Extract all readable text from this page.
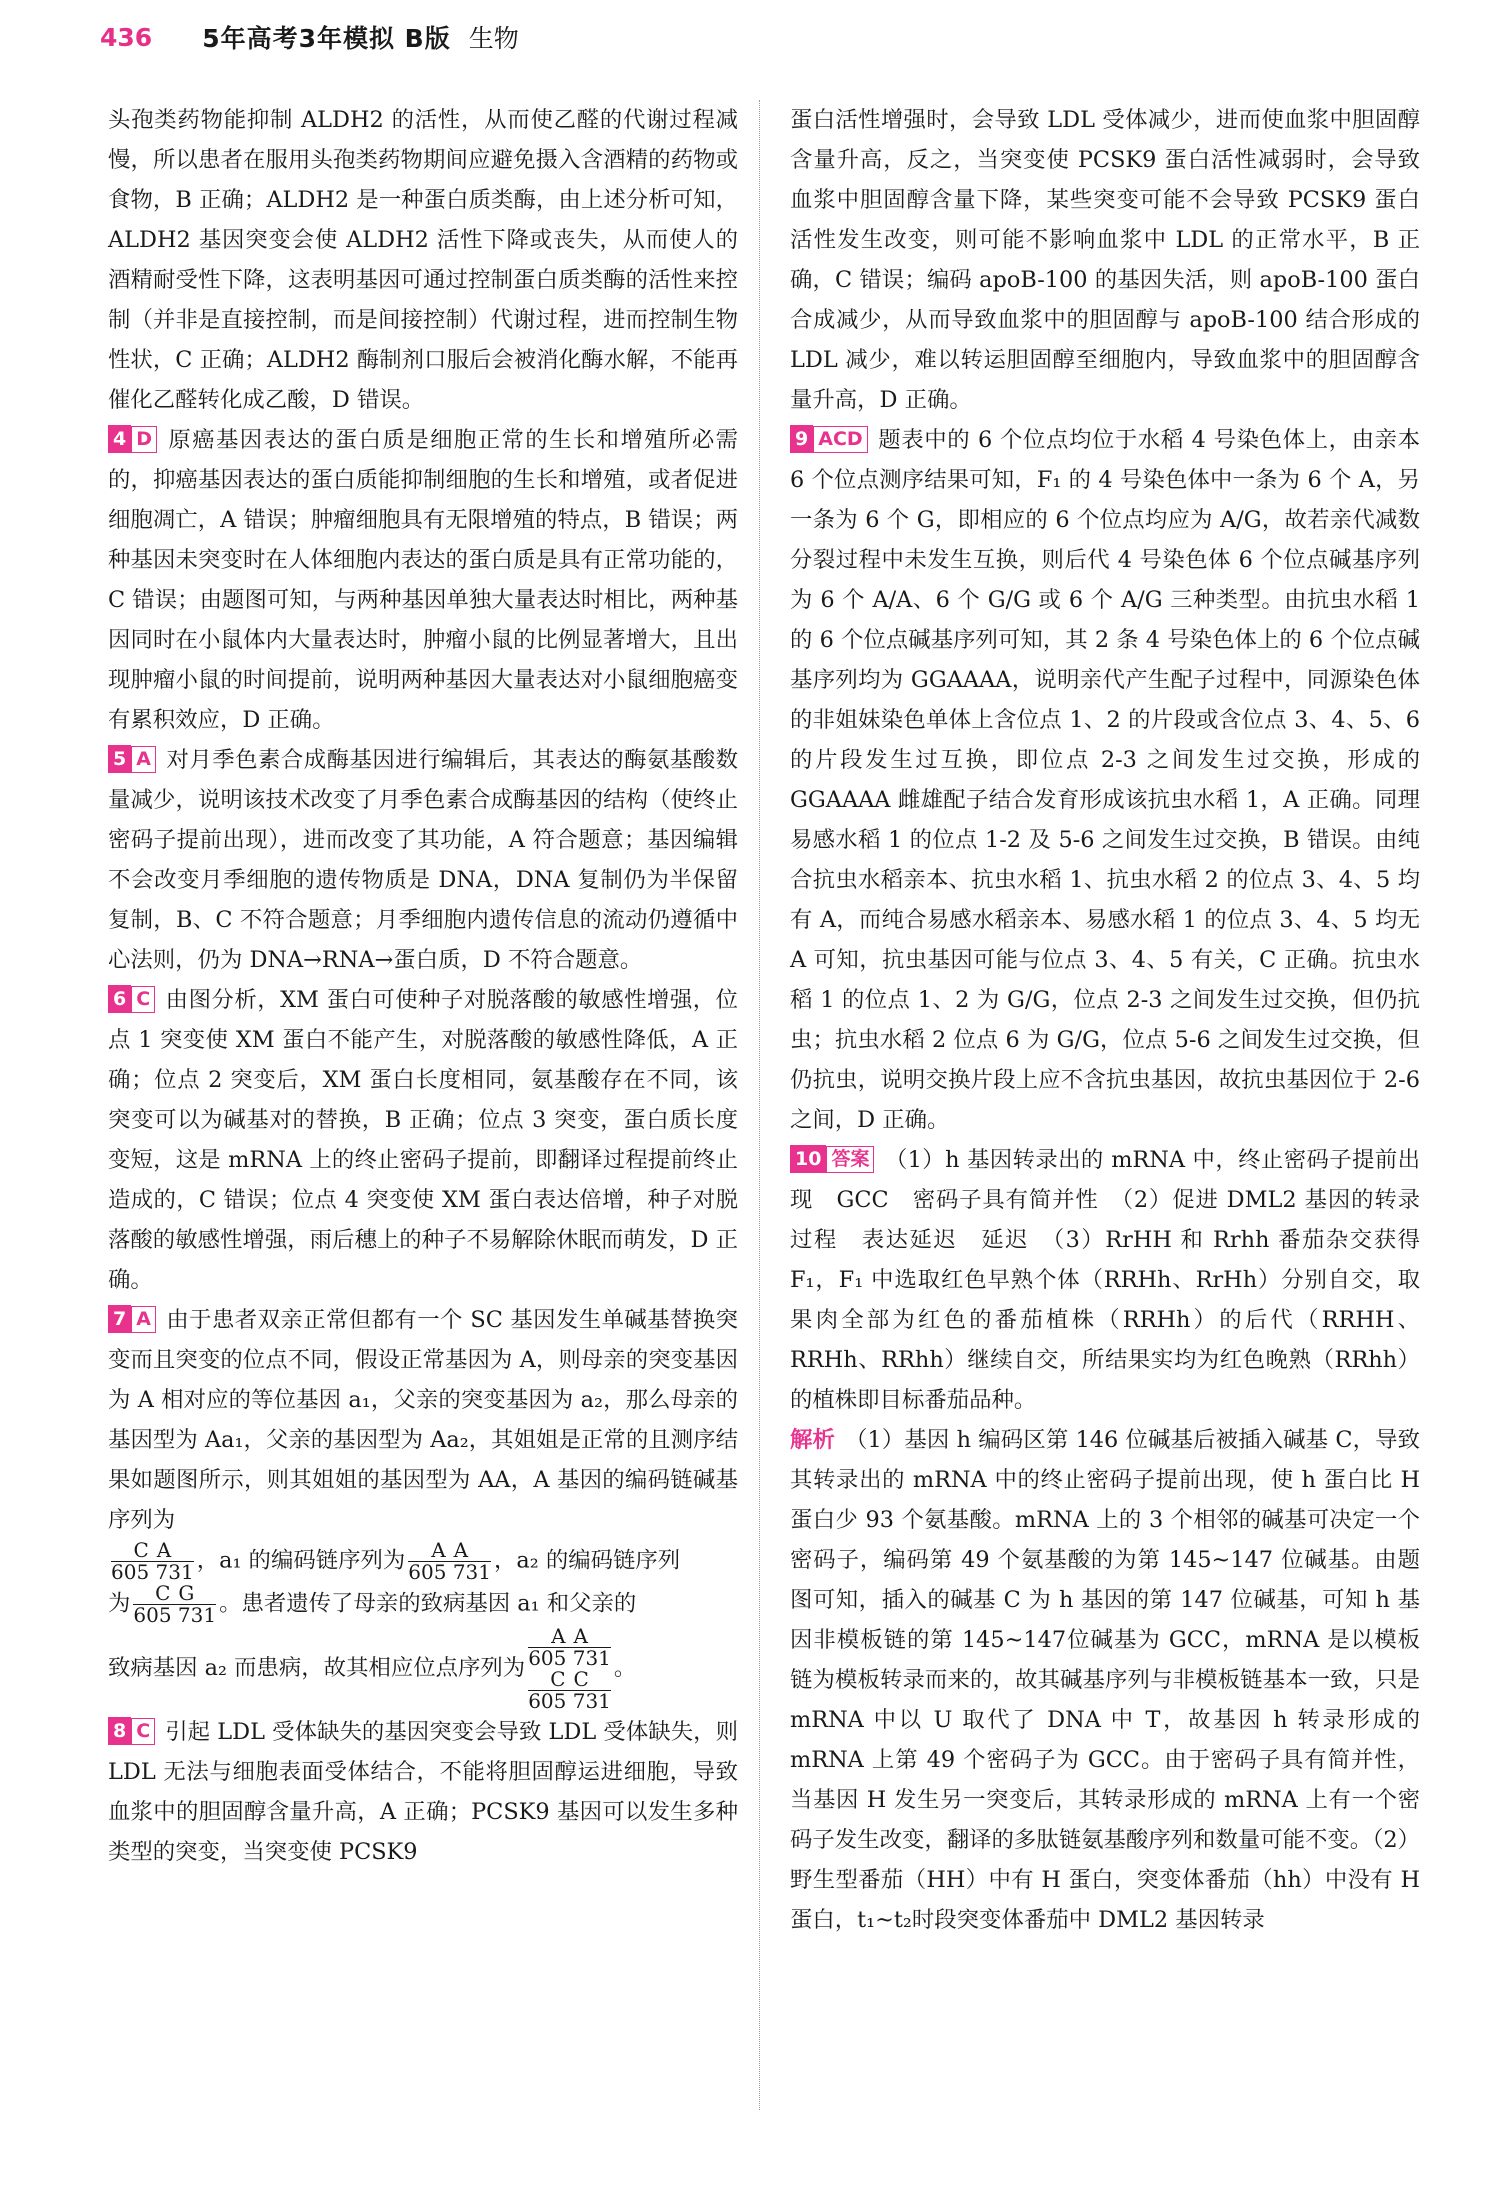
436 5年高考3年模拟 B版 生物

头孢类药物能抑制 ALDH2 的活性，从而使乙醛的代谢过程减慢，所以患者在服用头孢类药物期间应避免摄入含酒精的药物或食物，B 正确；ALDH2 是一种蛋白质类酶，由上述分析可知，ALDH2 基因突变会使 ALDH2 活性下降或丧失，从而使人的酒精耐受性下降，这表明基因可通过控制蛋白质类酶的活性来控制（并非是直接控制，而是间接控制）代谢过程，进而控制生物性状，C 正确；ALDH2 酶制剂口服后会被消化酶水解，不能再催化乙醛转化成乙酸，D 错误。

4 D 原癌基因表达的蛋白质是细胞正常的生长和增殖所必需的，抑癌基因表达的蛋白质能抑制细胞的生长和增殖，或者促进细胞凋亡，A 错误；肿瘤细胞具有无限增殖的特点，B 错误；两种基因未突变时在人体细胞内表达的蛋白质是具有正常功能的，C 错误；由题图可知，与两种基因单独大量表达时相比，两种基因同时在小鼠体内大量表达时，肿瘤小鼠的比例显著增大，且出现肿瘤小鼠的时间提前，说明两种基因大量表达对小鼠细胞癌变有累积效应，D 正确。

5 A 对月季色素合成酶基因进行编辑后，其表达的酶氨基酸数量减少，说明该技术改变了月季色素合成酶基因的结构（使终止密码子提前出现），进而改变了其功能，A 符合题意；基因编辑不会改变月季细胞的遗传物质是 DNA，DNA 复制仍为半保留复制，B、C 不符合题意；月季细胞内遗传信息的流动仍遵循中心法则，仍为 DNA→RNA→蛋白质，D 不符合题意。

6 C 由图分析，XM 蛋白可使种子对脱落酸的敏感性增强，位点 1 突变使 XM 蛋白不能产生，对脱落酸的敏感性降低，A 正确；位点 2 突变后，XM 蛋白长度相同，氨基酸存在不同，该突变可以为碱基对的替换，B 正确；位点 3 突变，蛋白质长度变短，这是 mRNA 上的终止密码子提前，即翻译过程提前终止造成的，C 错误；位点 4 突变使 XM 蛋白表达倍增，种子对脱落酸的敏感性增强，雨后穗上的种子不易解除休眠而萌发，D 正确。

7 A 由于患者双亲正常但都有一个 SC 基因发生单碱基替换突变而且突变的位点不同，假设正常基因为 A，则母亲的突变基因为 A 相对应的等位基因 a₁，父亲的突变基因为 a₂，那么母亲的基因型为 Aa₁，父亲的基因型为 Aa₂，其姐姐是正常的且测序结果如题图所示，则其姐姐的基因型为 AA，A 基因的编码链碱基序列为

$\frac{CA}{605 731}$ ，a₁ 的编码链序列为 $\frac{AA}{605 731}$ ，a₂ 的编码链序列
为 $\frac{CG}{605 731}$ 。患者遗传了母亲的致病基因 a₁ 和父亲的
致病基因 a₂ 而患病，故其相应位点序列为
AA
605 731
CC
605 731
。

8 C 引起 LDL 受体缺失的基因突变会导致 LDL 受体缺失，则 LDL 无法与细胞表面受体结合，不能将胆固醇运进细胞，导致血浆中的胆固醇含量升高，A 正确；PCSK9 基因可以发生多种类型的突变，当突变使 PCSK9

蛋白活性增强时，会导致 LDL 受体减少，进而使血浆中胆固醇含量升高，反之，当突变使 PCSK9 蛋白活性减弱时，会导致血浆中胆固醇含量下降，某些突变可能不会导致 PCSK9 蛋白活性发生改变，则可能不影响血浆中 LDL 的正常水平，B 正确，C 错误；编码 apoB-100 的基因失活，则 apoB-100 蛋白合成减少，从而导致血浆中的胆固醇与 apoB-100 结合形成的 LDL 减少，难以转运胆固醇至细胞内，导致血浆中的胆固醇含量升高，D 正确。

9 ACD 题表中的 6 个位点均位于水稻 4 号染色体上，由亲本 6 个位点测序结果可知，F₁ 的 4 号染色体中一条为 6 个 A，另一条为 6 个 G，即相应的 6 个位点均应为 A/G，故若亲代减数分裂过程中未发生互换，则后代 4 号染色体 6 个位点碱基序列为 6 个 A/A、6 个 G/G 或 6 个 A/G 三种类型。由抗虫水稻 1 的 6 个位点碱基序列可知，其 2 条 4 号染色体上的 6 个位点碱基序列均为 GGAAAA，说明亲代产生配子过程中，同源染色体的非姐妹染色单体上含位点 1、2 的片段或含位点 3、4、5、6 的片段发生过互换，即位点 2-3 之间发生过交换，形成的 GGAAAA 雌雄配子结合发育形成该抗虫水稻 1，A 正确。同理易感水稻 1 的位点 1-2 及 5-6 之间发生过交换，B 错误。由纯合抗虫水稻亲本、抗虫水稻 1、抗虫水稻 2 的位点 3、4、5 均有 A，而纯合易感水稻亲本、易感水稻 1 的位点 3、4、5 均无 A 可知，抗虫基因可能与位点 3、4、5 有关，C 正确。抗虫水稻 1 的位点 1、2 为 G/G，位点 2-3 之间发生过交换，但仍抗虫；抗虫水稻 2 位点 6 为 G/G，位点 5-6 之间发生过交换，但仍抗虫，说明交换片段上应不含抗虫基因，故抗虫基因位于 2-6 之间，D 正确。

10 答案 （1）h 基因转录出的 mRNA 中，终止密码子提前出现　GCC　密码子具有简并性　（2）促进 DML2 基因的转录过程　表达延迟　延迟　（3）RrHH 和 Rrhh 番茄杂交获得 F₁，F₁ 中选取红色早熟个体（RRHh、RrHh）分别自交，取果肉全部为红色的番茄植株（RRHh）的后代（RRHH、RRHh、RRhh）继续自交，所结果实均为红色晚熟（RRhh）的植株即目标番茄品种。

解析 （1）基因 h 编码区第 146 位碱基后被插入碱基 C，导致其转录出的 mRNA 中的终止密码子提前出现，使 h 蛋白比 H 蛋白少 93 个氨基酸。mRNA 上的 3 个相邻的碱基可决定一个密码子，编码第 49 个氨基酸的为第 145~147 位碱基。由题图可知，插入的碱基 C 为 h 基因的第 147 位碱基，可知 h 基因非模板链的第 145~147位碱基为 GCC，mRNA 是以模板链为模板转录而来的，故其碱基序列与非模板链基本一致，只是 mRNA 中以 U 取代了 DNA 中 T，故基因 h 转录形成的 mRNA 上第 49 个密码子为 GCC。由于密码子具有简并性，当基因 H 发生另一突变后，其转录形成的 mRNA 上有一个密码子发生改变，翻译的多肽链氨基酸序列和数量可能不变。（2）野生型番茄（HH）中有 H 蛋白，突变体番茄（hh）中没有 H 蛋白，t₁~t₂时段突变体番茄中 DML2 基因转录
